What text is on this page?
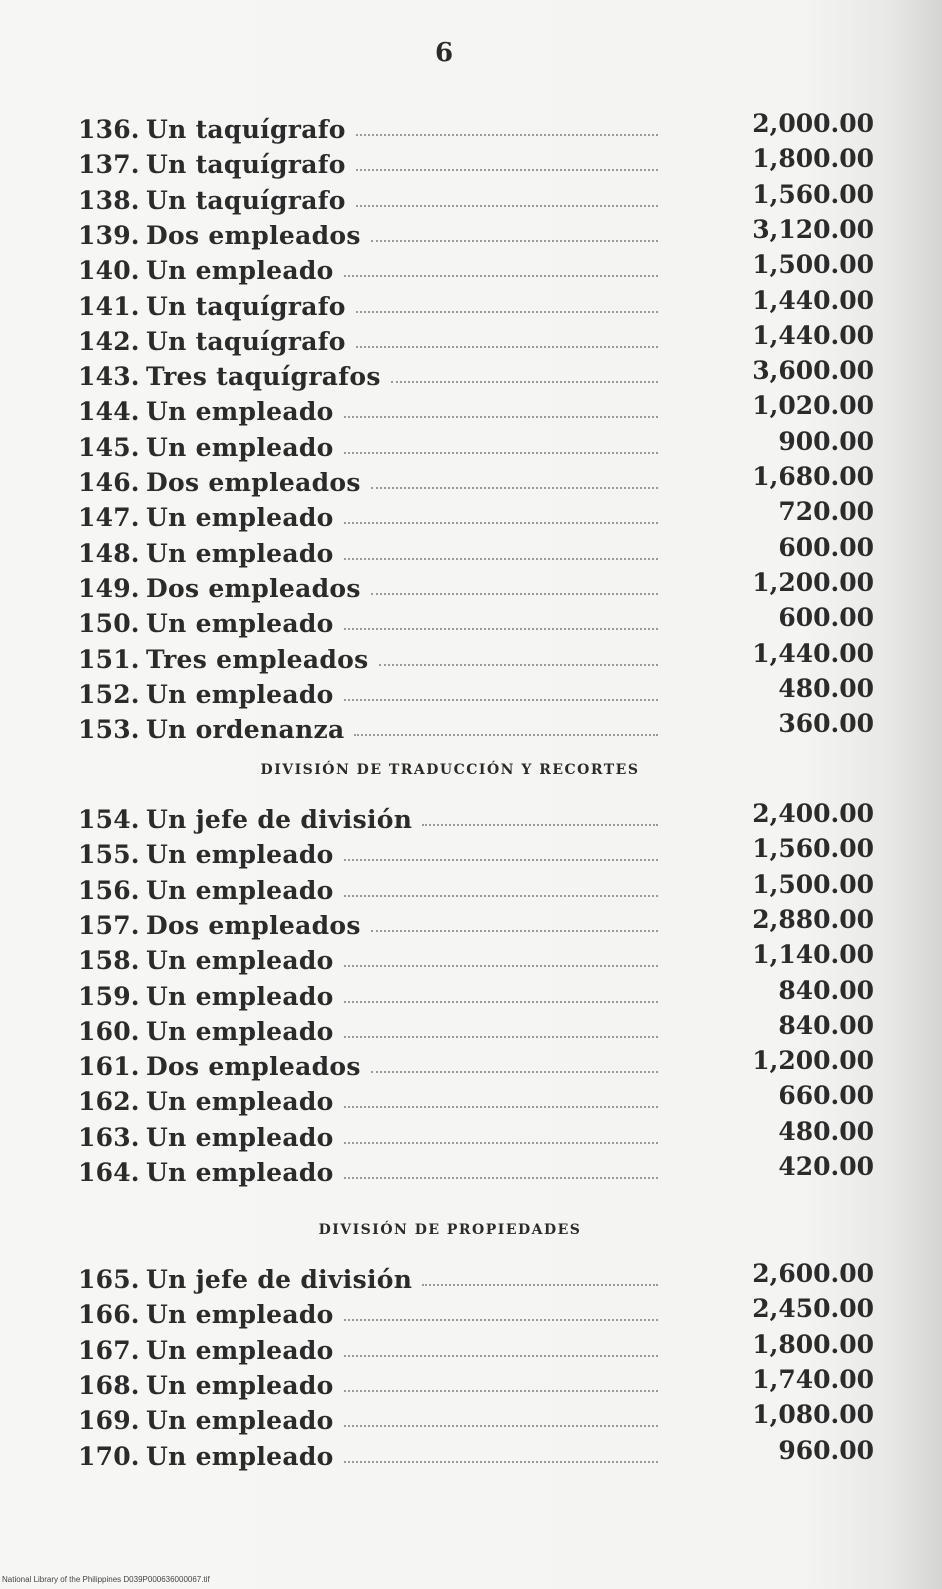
6
136. Un taquígrafo	2,000.00
137. Un taquígrafo	1,800.00
138. Un taquígrafo	1,560.00
139. Dos empleados	3,120.00
140. Un empleado	1,500.00
141. Un taquígrafo	1,440.00
142. Un taquígrafo	1,440.00
143. Tres taquígrafos	3,600.00
144. Un empleado	1,020.00
145. Un empleado	900.00
146. Dos empleados	1,680.00
147. Un empleado	720.00
148. Un empleado	600.00
149. Dos empleados	1,200.00
150. Un empleado	600.00
151. Tres empleados	1,440.00
152. Un empleado	480.00
153. Un ordenanza	360.00
DIVISIÓN DE TRADUCCIÓN Y RECORTES
154. Un jefe de división	2,400.00
155. Un empleado	1,560.00
156. Un empleado	1,500.00
157. Dos empleados	2,880.00
158. Un empleado	1,140.00
159. Un empleado	840.00
160. Un empleado	840.00
161. Dos empleados	1,200.00
162. Un empleado	660.00
163. Un empleado	480.00
164. Un empleado	420.00
DIVISIÓN DE PROPIEDADES
165. Un jefe de división	2,600.00
166. Un empleado	2,450.00
167. Un empleado	1,800.00
168. Un empleado	1,740.00
169. Un empleado	1,080.00
170. Un empleado	960.00
National Library of the Philippines D039P000636000067.tif
